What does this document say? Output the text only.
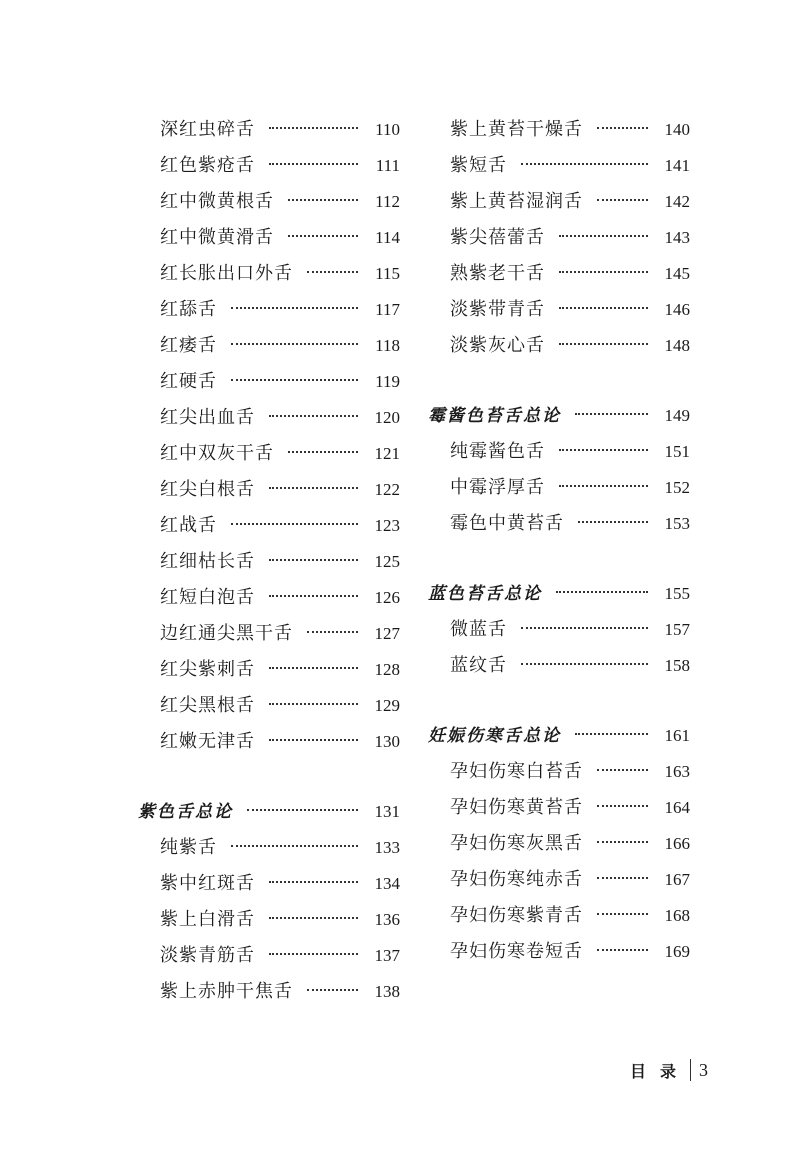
深红虫碎舌	110
红色紫疮舌	111
红中微黄根舌	112
红中微黄滑舌	114
红长胀出口外舌	115
红舔舌	117
红痿舌	118
红硬舌	119
红尖出血舌	120
红中双灰干舌	121
红尖白根舌	122
红战舌	123
红细枯长舌	125
红短白泡舌	126
边红通尖黑干舌	127
红尖紫刺舌	128
红尖黑根舌	129
红嫩无津舌	130
紫色舌总论	131
纯紫舌	133
紫中红斑舌	134
紫上白滑舌	136
淡紫青筋舌	137
紫上赤肿干焦舌	138
紫上黄苔干燥舌	140
紫短舌	141
紫上黄苔湿润舌	142
紫尖蓓蕾舌	143
熟紫老干舌	145
淡紫带青舌	146
淡紫灰心舌	148
霉酱色苔舌总论	149
纯霉酱色舌	151
中霉浮厚舌	152
霉色中黄苔舌	153
蓝色苔舌总论	155
微蓝舌	157
蓝纹舌	158
妊娠伤寒舌总论	161
孕妇伤寒白苔舌	163
孕妇伤寒黄苔舌	164
孕妇伤寒灰黑舌	166
孕妇伤寒纯赤舌	167
孕妇伤寒紫青舌	168
孕妇伤寒卷短舌	169
目录 3
